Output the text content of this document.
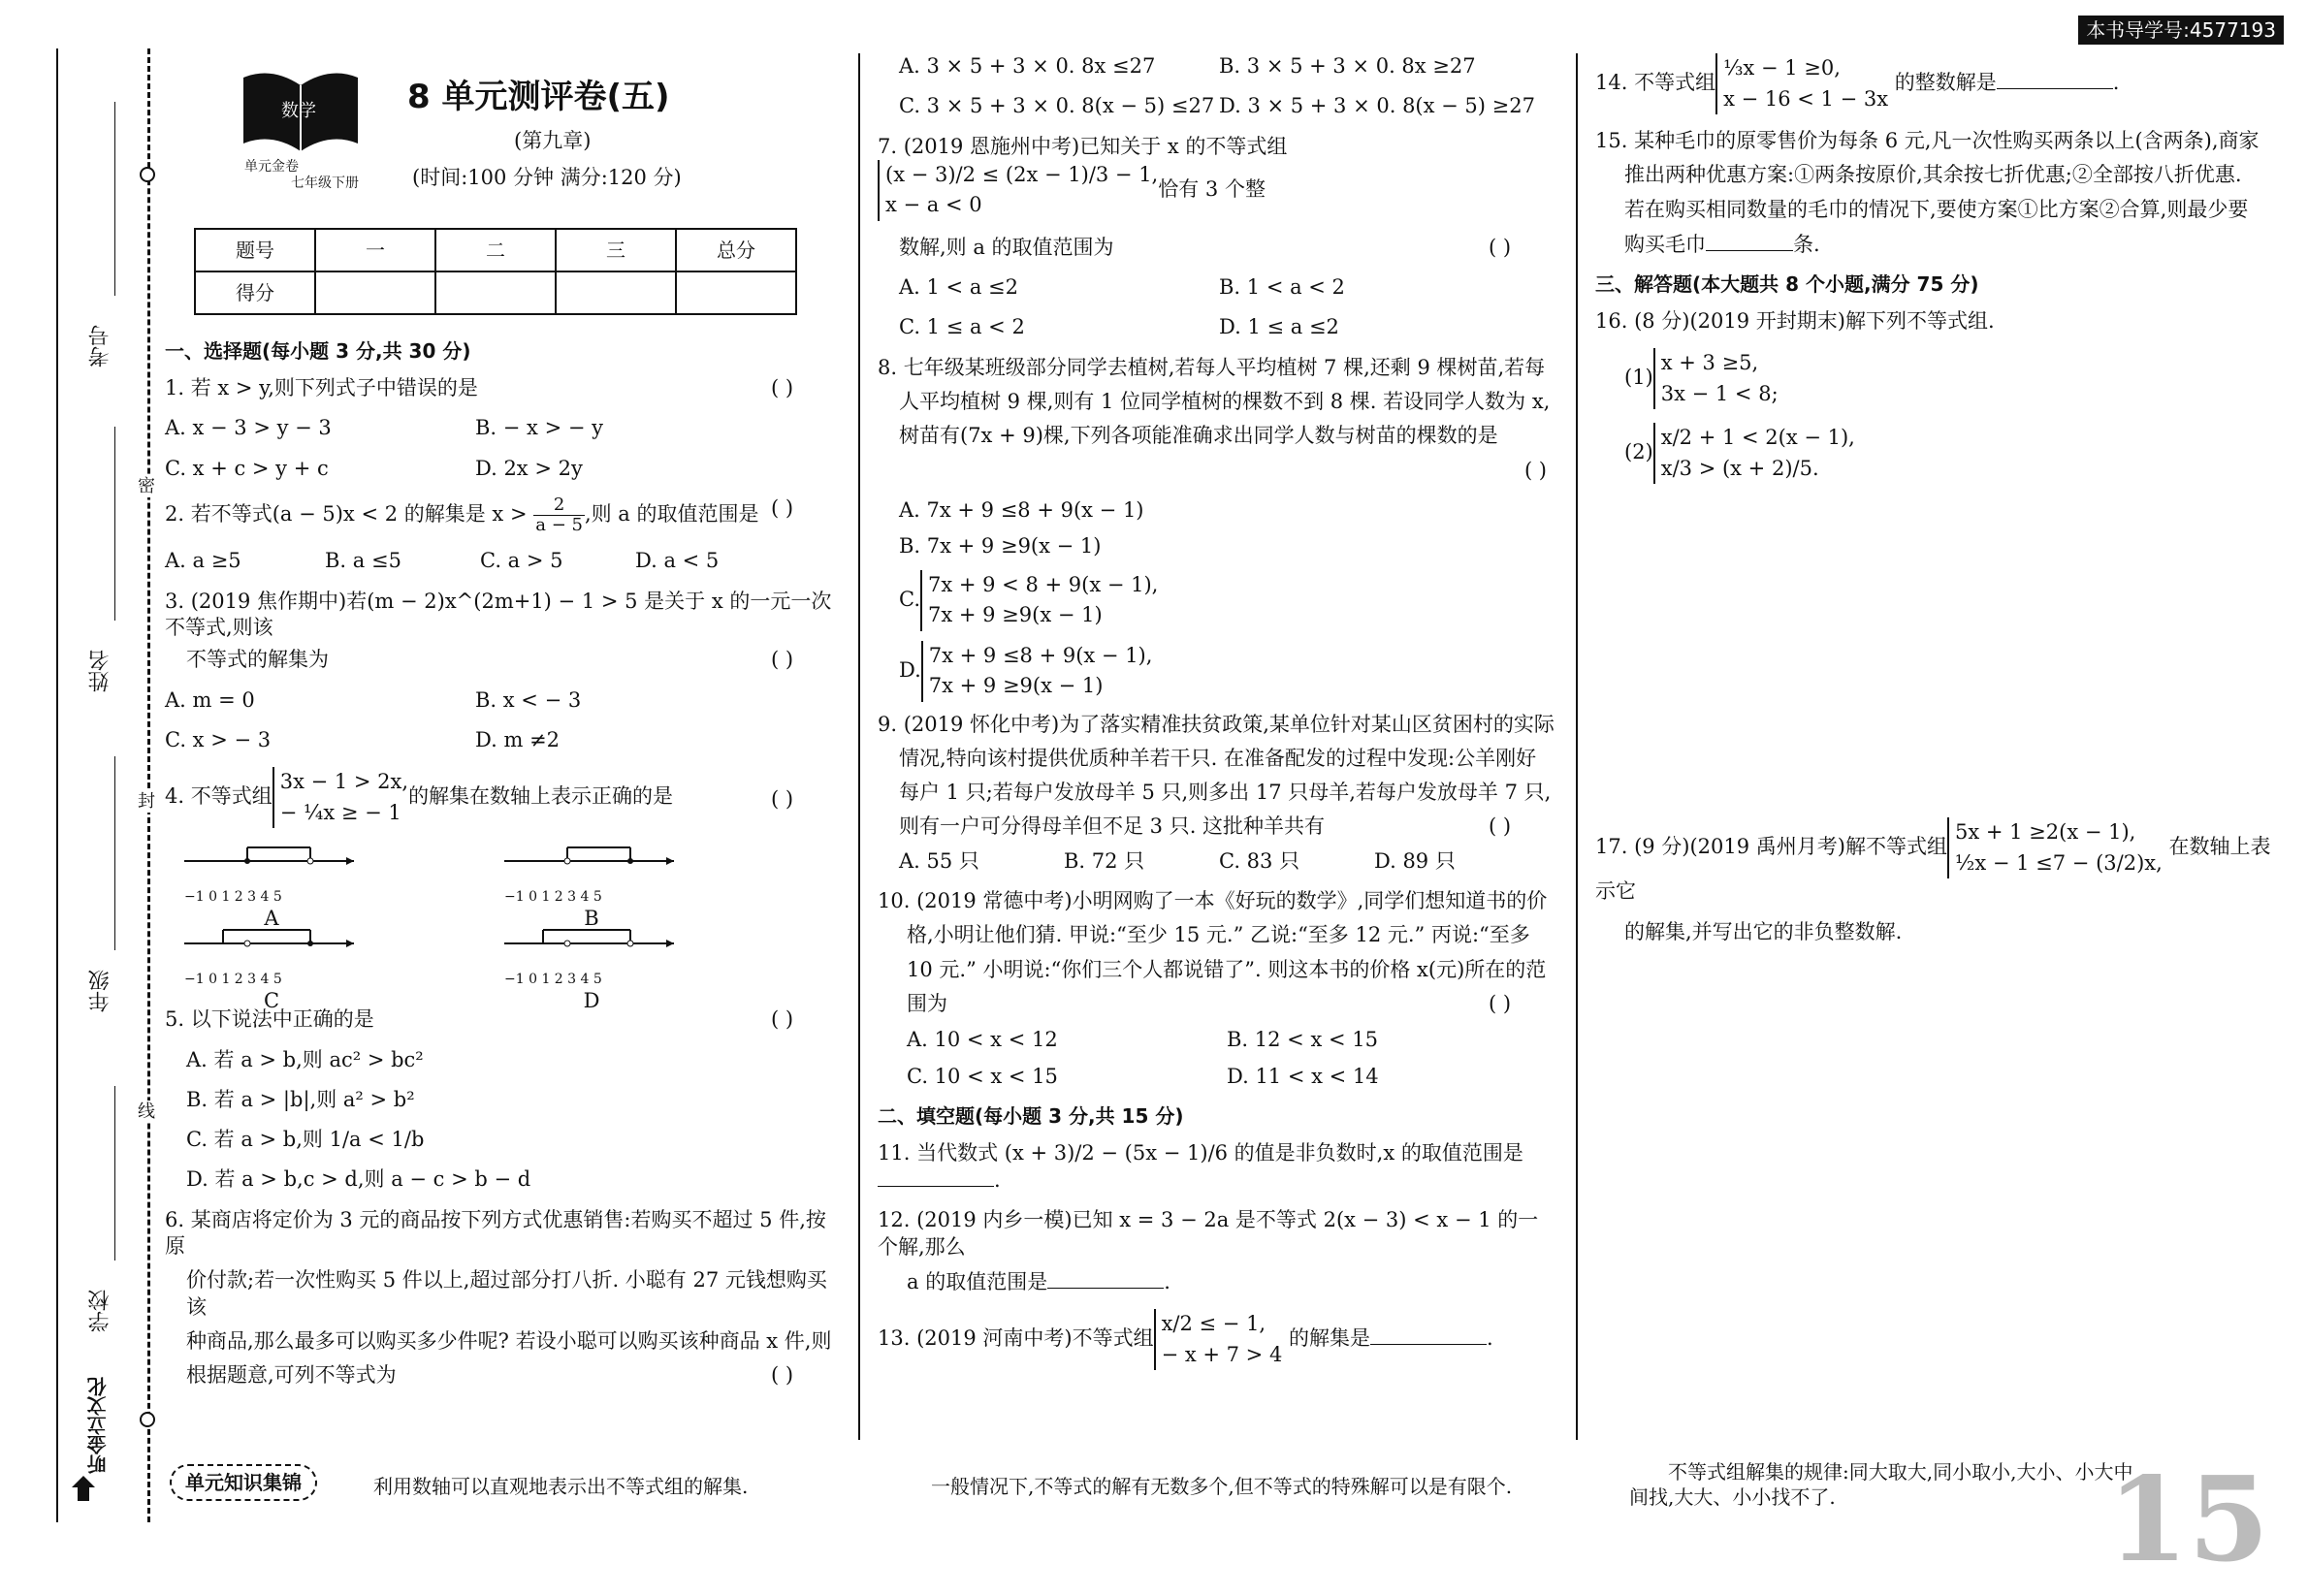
本书导学号:4577193
考号
姓名
年级
学校
密
封
线
昕金立文化
数学
单元金卷
七年级下册
8 单元测评卷(五)
(第九章)
(时间:100 分钟 满分:120 分)
题号	一	二	三	总分
得分				
一、选择题(每小题 3 分,共 30 分)
( )
1. 若 x > y,则下列式子中错误的是
A. x − 3 > y − 3	B. − x > − y
C. x + c > y + c	D. 2x > 2y
( )
2. 若不等式(a − 5)x < 2 的解集是 $x > \frac{2}{a - 5}$ ,则 a 的取值范围是
A. a ≥5	B. a ≤5	C. a > 5	D. a < 5
3. (2019 焦作期中)若(m − 2)x^(2m+1) − 1 > 5 是关于 x 的一元一次不等式,则该
( )
不等式的解集为
A. m = 0	B. x < − 3
C. x > − 3	D. m ≠2
( )
4. 不等式组3x − 1 > 2x,
− ¼x ≥ − 1的解集在数轴上表示正确的是
−1 0 1 2 3 4 5
A
−1 0 1 2 3 4 5
B
−1 0 1 2 3 4 5
C
−1 0 1 2 3 4 5
D
( )
5. 以下说法中正确的是
A. 若 a > b,则 ac² > bc²
B. 若 a > |b|,则 a² > b²
C. 若 a > b,则 1/a < 1/b
D. 若 a > b,c > d,则 a − c > b − d
6. 某商店将定价为 3 元的商品按下列方式优惠销售:若购买不超过 5 件,按原
价付款;若一次性购买 5 件以上,超过部分打八折. 小聪有 27 元钱想购买该
种商品,那么最多可以购买多少件呢? 若设小聪可以购买该种商品 x 件,则
( )
根据题意,可列不等式为
A. 3 × 5 + 3 × 0. 8x ≤27	B. 3 × 5 + 3 × 0. 8x ≥27
C. 3 × 5 + 3 × 0. 8(x − 5) ≤27 D. 3 × 5 + 3 × 0. 8(x − 5) ≥27
7. (2019 恩施州中考)已知关于 x 的不等式组(x − 3)/2 ≤ (2x − 1)/3 − 1,
x − a < 0恰有 3 个整
( )
数解,则 a 的取值范围为
A. 1 < a ≤2	B. 1 < a < 2
C. 1 ≤ a < 2	D. 1 ≤ a ≤2
8. 七年级某班级部分同学去植树,若每人平均植树 7 棵,还剩 9 棵树苗,若每
人平均植树 9 棵,则有 1 位同学植树的棵数不到 8 棵. 若设同学人数为 x,
树苗有(7x + 9)棵,下列各项能准确求出同学人数与树苗的棵数的是
( )
A. 7x + 9 ≤8 + 9(x − 1)
B. 7x + 9 ≥9(x − 1)
C.7x + 9 < 8 + 9(x − 1),
7x + 9 ≥9(x − 1)
D.7x + 9 ≤8 + 9(x − 1),
7x + 9 ≥9(x − 1)
9. (2019 怀化中考)为了落实精准扶贫政策,某单位针对某山区贫困村的实际
情况,特向该村提供优质种羊若干只. 在准备配发的过程中发现:公羊刚好
每户 1 只;若每户发放母羊 5 只,则多出 17 只母羊,若每户发放母羊 7 只,
( )
则有一户可分得母羊但不足 3 只. 这批种羊共有
A. 55 只	B. 72 只	C. 83 只	D. 89 只
10. (2019 常德中考)小明网购了一本《好玩的数学》,同学们想知道书的价
格,小明让他们猜. 甲说:“至少 15 元.” 乙说:“至多 12 元.” 丙说:“至多
10 元.” 小明说:“你们三个人都说错了”. 则这本书的价格 x(元)所在的范
( )
围为
A. 10 < x < 12	B. 12 < x < 15
C. 10 < x < 15	D. 11 < x < 14
二、填空题(每小题 3 分,共 15 分)
11. 当代数式 (x + 3)/2 − (5x − 1)/6 的值是非负数时,x 的取值范围是.
12. (2019 内乡一模)已知 x = 3 − 2a 是不等式 2(x − 3) < x − 1 的一个解,那么
a 的取值范围是	.
13. (2019 河南中考)不等式组x/2 ≤ − 1,
− x + 7 > 4 的解集是	.
14. 不等式组⅓x − 1 ≥0,
x − 16 < 1 − 3x 的整数解是	.
15. 某种毛巾的原零售价为每条 6 元,凡一次性购买两条以上(含两条),商家
推出两种优惠方案:①两条按原价,其余按七折优惠;②全部按八折优惠.
若在购买相同数量的毛巾的情况下,要使方案①比方案②合算,则最少要
购买毛巾	条.
三、解答题(本大题共 8 个小题,满分 75 分)
16. (8 分)(2019 开封期末)解下列不等式组.
(1)x + 3 ≥5,
3x − 1 < 8;
(2)x/2 + 1 < 2(x − 1),
x/3 > (x + 2)/5.
17. (9 分)(2019 禹州月考)解不等式组5x + 1 ≥2(x − 1),
½x − 1 ≤7 − (3/2)x, 在数轴上表示它
的解集,并写出它的非负整数解.
单元知识集锦	利用数轴可以直观地表示出不等式组的解集.	一般情况下,不等式的解有无数多个,但不等式的特殊解可以是有限个.
不等式组解集的规律:同大取大,同小取小,大小、小大中
间找,大大、小小找不了.	15
